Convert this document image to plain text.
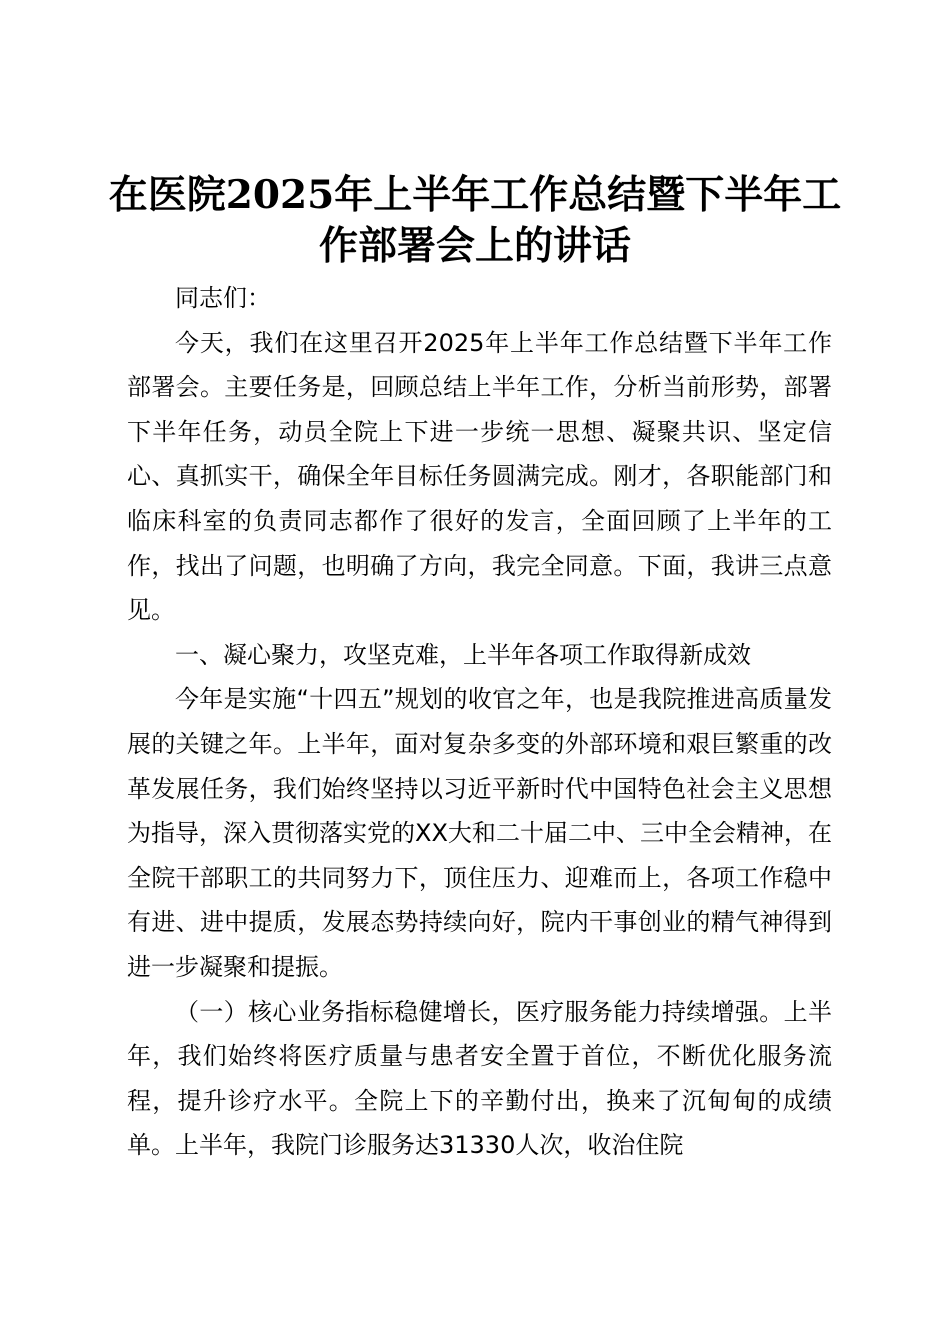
在医院2025年上半年工作总结暨下半年工作部署会上的讲话

同志们：

今天，我们在这里召开2025年上半年工作总结暨下半年工作部署会。主要任务是，回顾总结上半年工作，分析当前形势，部署下半年任务，动员全院上下进一步统一思想、凝聚共识、坚定信心、真抓实干，确保全年目标任务圆满完成。刚才，各职能部门和临床科室的负责同志都作了很好的发言，全面回顾了上半年的工作，找出了问题，也明确了方向，我完全同意。下面，我讲三点意见。

一、凝心聚力，攻坚克难，上半年各项工作取得新成效

今年是实施“十四五”规划的收官之年，也是我院推进高质量发展的关键之年。上半年，面对复杂多变的外部环境和艰巨繁重的改革发展任务，我们始终坚持以习近平新时代中国特色社会主义思想为指导，深入贯彻落实党的XX大和二十届二中、三中全会精神，在全院干部职工的共同努力下，顶住压力、迎难而上，各项工作稳中有进、进中提质，发展态势持续向好，院内干事创业的精气神得到进一步凝聚和提振。

（一）核心业务指标稳健增长，医疗服务能力持续增强。上半年，我们始终将医疗质量与患者安全置于首位，不断优化服务流程，提升诊疗水平。全院上下的辛勤付出，换来了沉甸甸的成绩单。上半年，我院门诊服务达31330人次，收治住院
